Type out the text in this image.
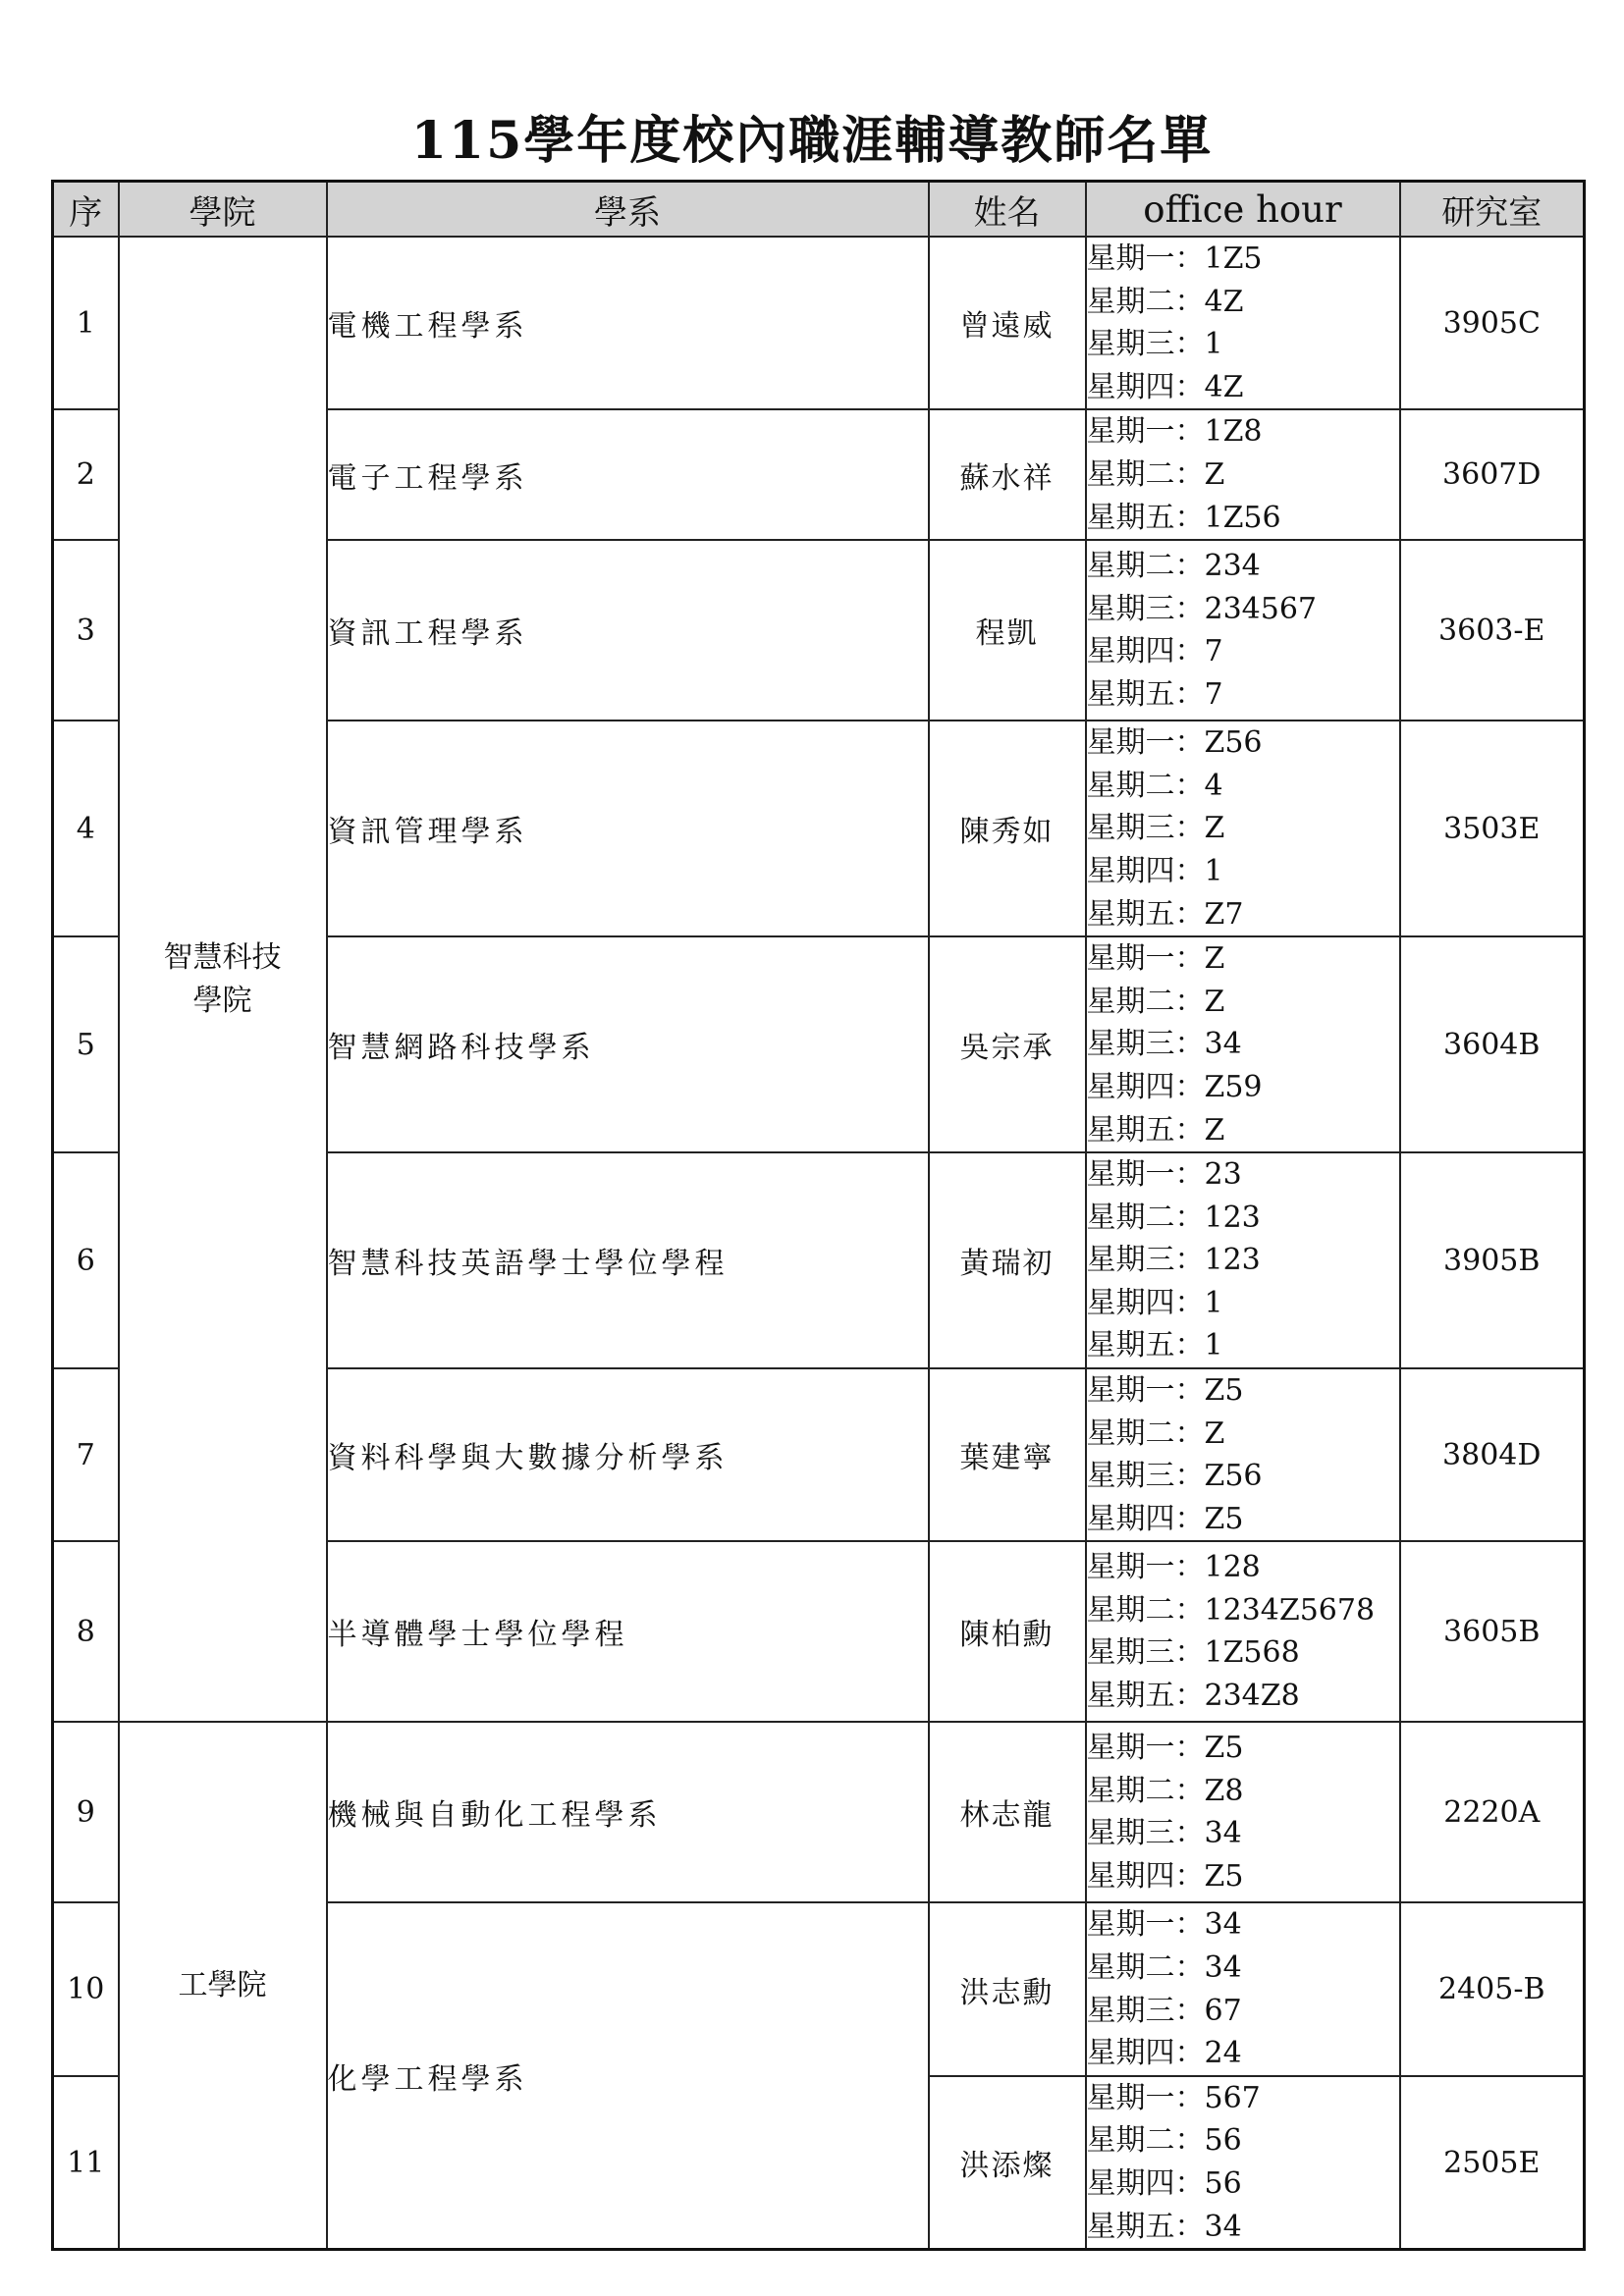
115學年度校內職涯輔導教師名單
序	學院	學系	姓名	office hour	研究室
1	智慧科技
學院	電機工程學系	曾遠威	星期一：1Z5
星期二：4Z
星期三：1
星期四：4Z	3905C
2		電子工程學系	蘇水祥	星期一：1Z8
星期二：Z
星期五：1Z56	3607D
3		資訊工程學系	程凱	星期二：234
星期三：234567
星期四：7
星期五：7	3603-E
4		資訊管理學系	陳秀如	星期一：Z56
星期二：4
星期三：Z
星期四：1
星期五：Z7	3503E
5		智慧網路科技學系	吳宗承	星期一：Z
星期二：Z
星期三：34
星期四：Z59
星期五：Z	3604B
6		智慧科技英語學士學位學程	黃瑞初	星期一：23
星期二：123
星期三：123
星期四：1
星期五：1	3905B
7		資料科學與大數據分析學系	葉建寧	星期一：Z5
星期二：Z
星期三：Z56
星期四：Z5	3804D
8		半導體學士學位學程	陳柏勳	星期一：128
星期二：1234Z5678
星期三：1Z568
星期五：234Z8	3605B
9	工學院	機械與自動化工程學系	林志龍	星期一：Z5
星期二：Z8
星期三：34
星期四：Z5	2220A
10		化學工程學系	洪志勳	星期一：34
星期二：34
星期三：67
星期四：24	2405-B
11			洪添燦	星期一：567
星期二：56
星期四：56
星期五：34	2505E
